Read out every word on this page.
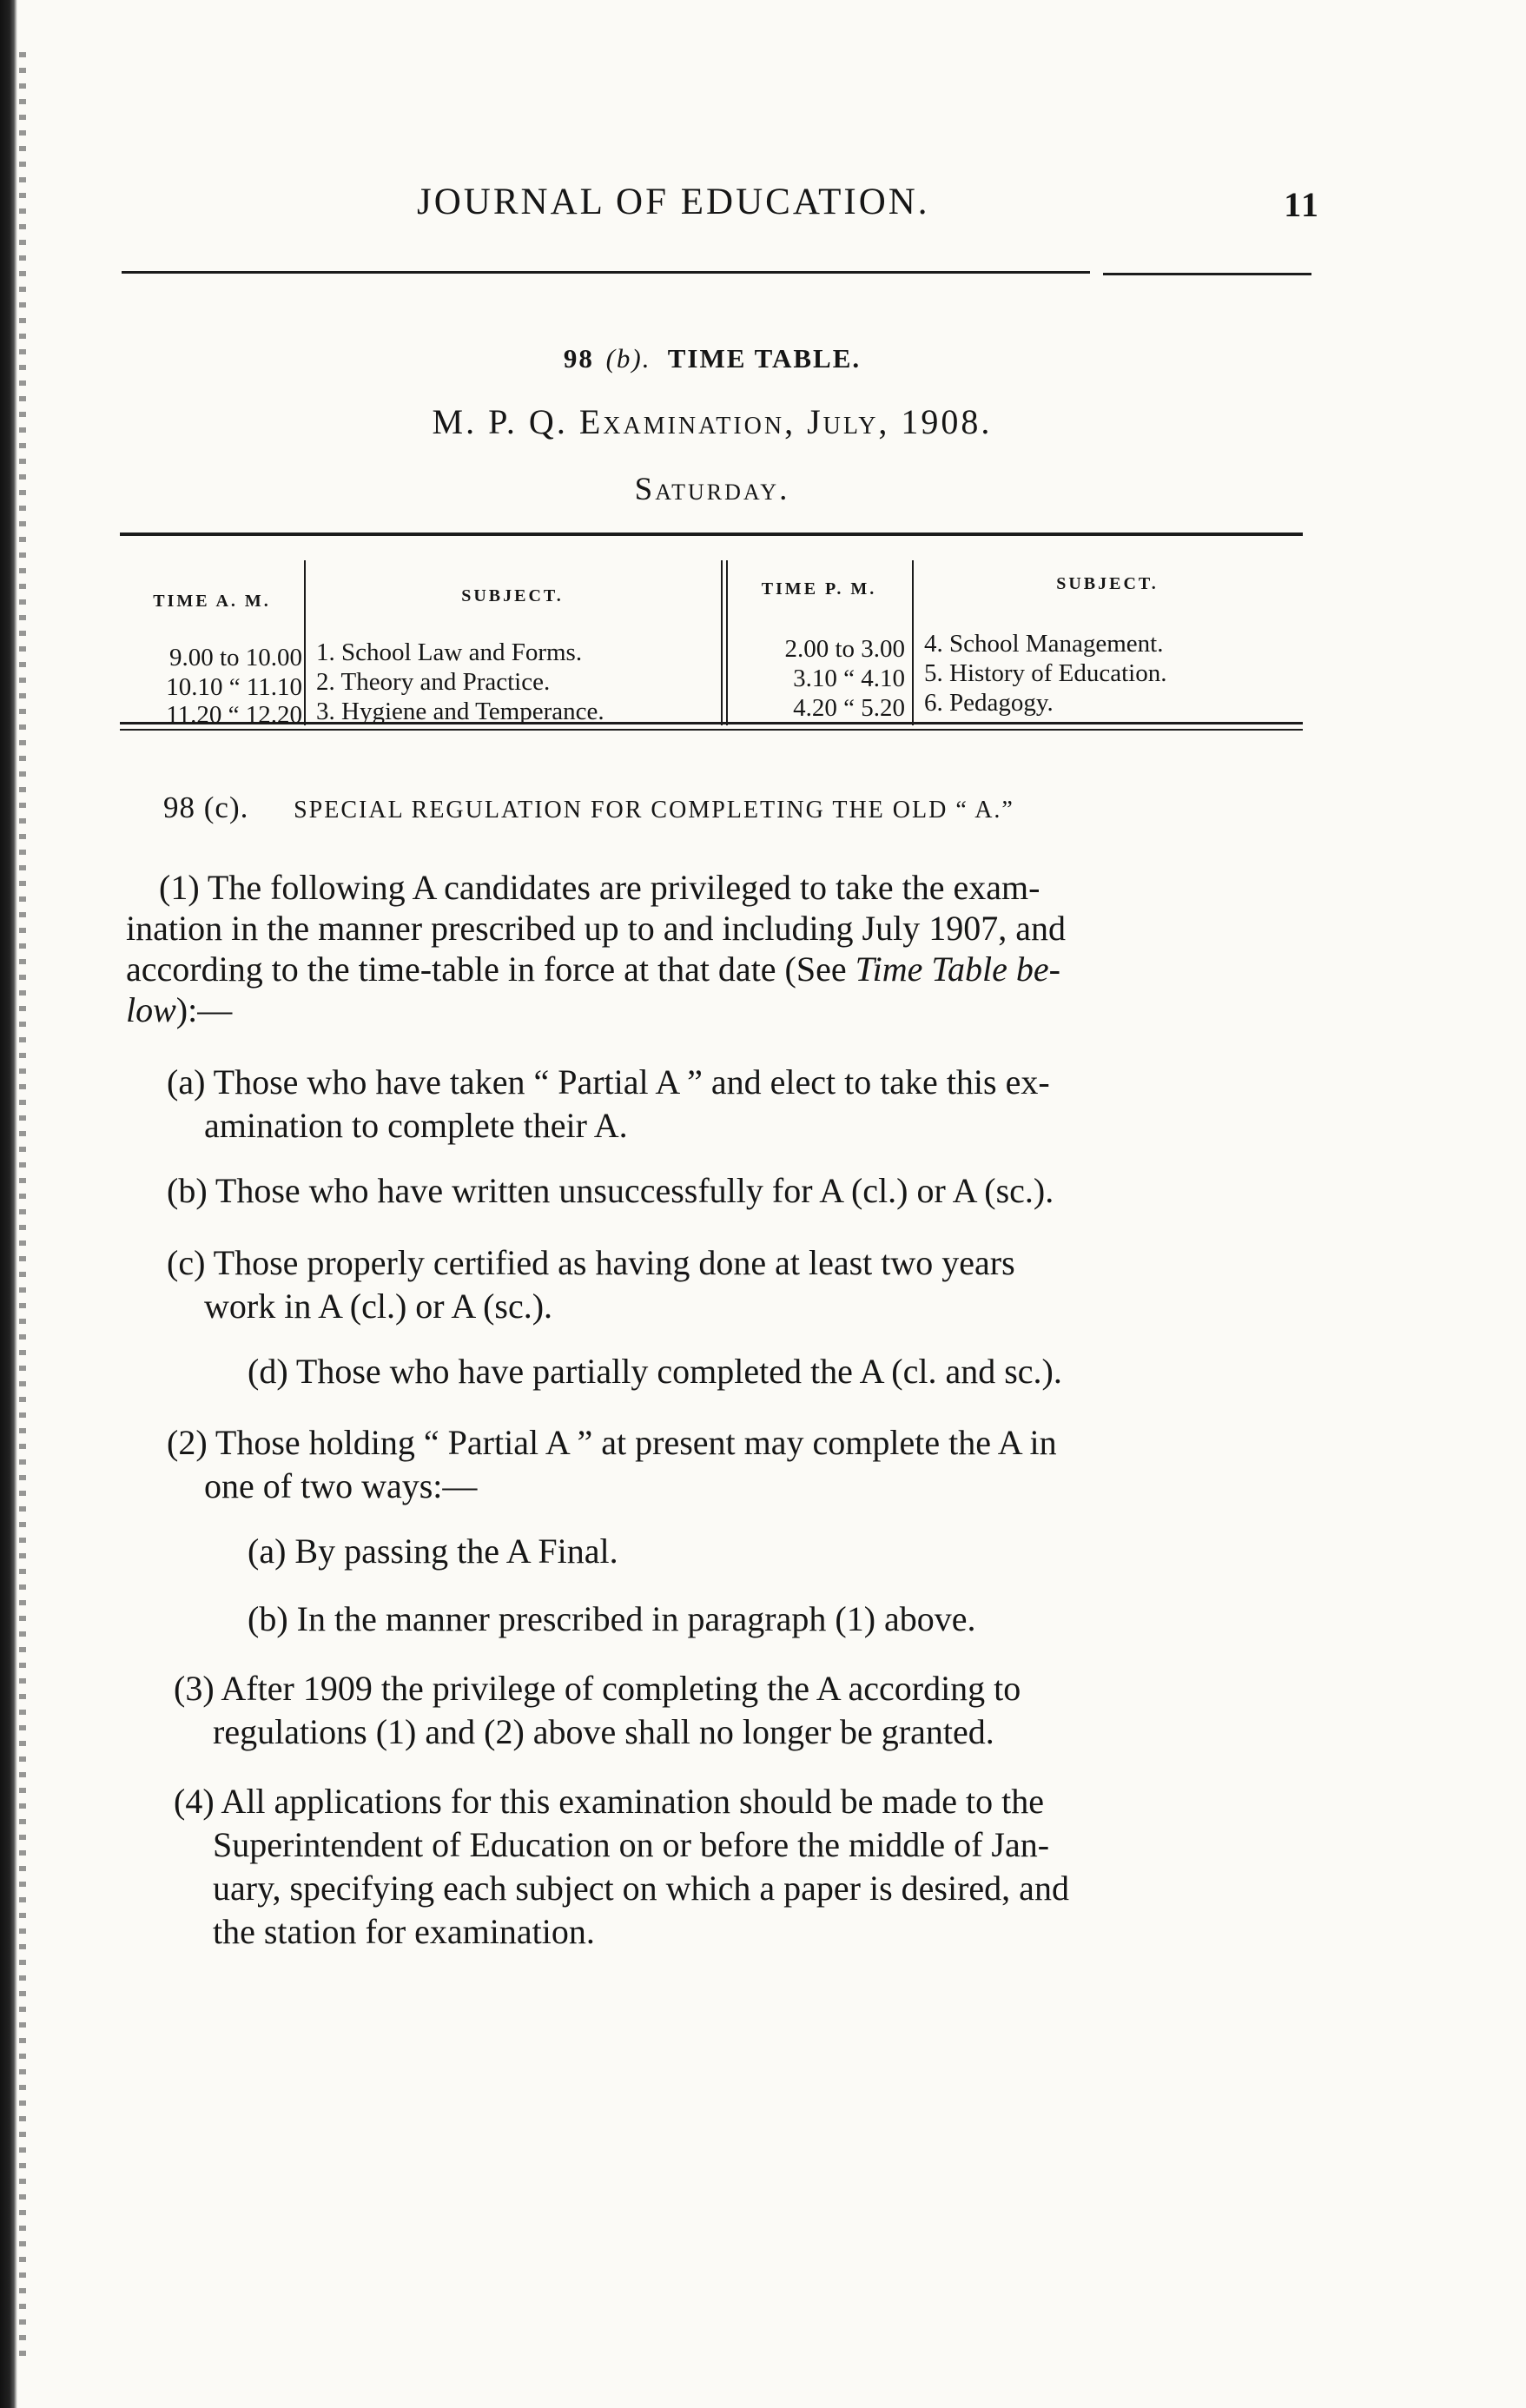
JOURNAL OF EDUCATION.	11
98 (b). TIME TABLE.
M. P. Q. Examination, July, 1908.
Saturday.
TIME A. M.	SUBJECT.	TIME P. M.	SUBJECT.
9.00 to 10.00 1. School Law and Forms.	2.00 to 3.00 4. School Management.
10.10 “ 11.10 2. Theory and Practice.	3.10 “ 4.10 5. History of Education.
11.20 “ 12.20 3. Hygiene and Temperance.	4.20 “ 5.20 6. Pedagogy.
98 (c). SPECIAL REGULATION FOR COMPLETING THE OLD “ A.”
(1) The following A candidates are privileged to take the exam-
ination in the manner prescribed up to and including July 1907, and
according to the time-table in force at that date (See Time Table be-
low):—
(a) Those who have taken “ Partial A ” and elect to take this ex-
amination to complete their A.
(b) Those who have written unsuccessfully for A (cl.) or A (sc.).
(c) Those properly certified as having done at least two years
work in A (cl.) or A (sc.).
(d) Those who have partially completed the A (cl. and sc.).
(2) Those holding “ Partial A ” at present may complete the A in
one of two ways:—
(a) By passing the A Final.
(b) In the manner prescribed in paragraph (1) above.
(3) After 1909 the privilege of completing the A according to
regulations (1) and (2) above shall no longer be granted.
(4) All applications for this examination should be made to the
Superintendent of Education on or before the middle of Jan-
uary, specifying each subject on which a paper is desired, and
the station for examination.
